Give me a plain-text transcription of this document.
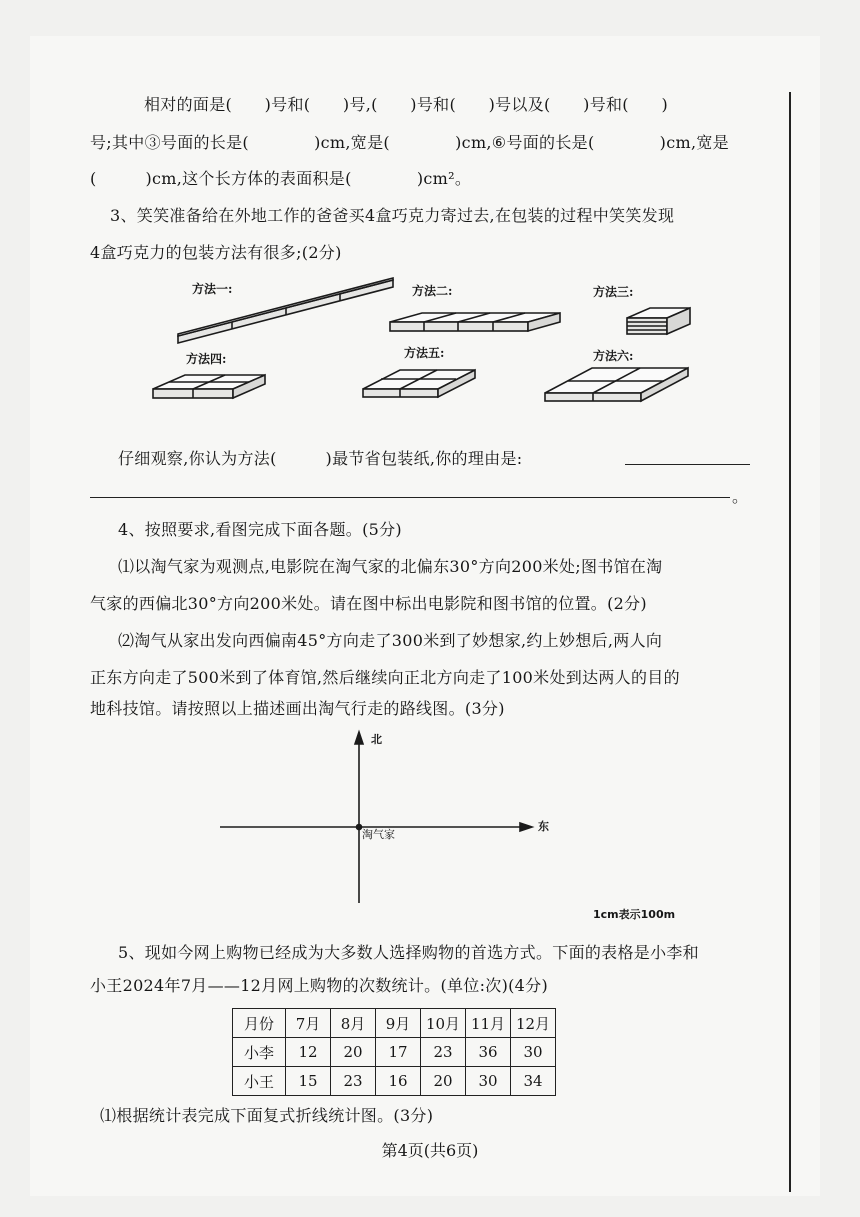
相对的面是(　　)号和(　　)号,(　　)号和(　　)号以及(　　)号和(　　)
号;其中③号面的长是(　　　　)cm,宽是(　　　　)cm,⑥号面的长是(　　　　)cm,宽是
(　　　)cm,这个长方体的表面积是(　　　　)cm²。
3、笑笑准备给在外地工作的爸爸买4盒巧克力寄过去,在包装的过程中笑笑发现
4盒巧克力的包装方法有很多;(2分)
方法一:	方法二:	方法三:
方法四:	方法五:	方法六:
仔细观察,你认为方法(　　　)最节省包装纸,你的理由是:
。
4、按照要求,看图完成下面各题。(5分)
⑴以淘气家为观测点,电影院在淘气家的北偏东30°方向200米处;图书馆在淘
气家的西偏北30°方向200米处。请在图中标出电影院和图书馆的位置。(2分)
⑵淘气从家出发向西偏南45°方向走了300米到了妙想家,约上妙想后,两人向
正东方向走了500米到了体育馆,然后继续向正北方向走了100米处到达两人的目的
地科技馆。请按照以上描述画出淘气行走的路线图。(3分)
北
东
淘气家
1cm表示100m
5、现如今网上购物已经成为大多数人选择购物的首选方式。下面的表格是小李和
小王2024年7月——12月网上购物的次数统计。(单位:次)(4分)
月份	7月	8月	9月	10月	11月	12月
小李	12	20	17	23	36	30
小王	15	23	16	20	30	34
⑴根据统计表完成下面复式折线统计图。(3分)
第4页(共6页)
